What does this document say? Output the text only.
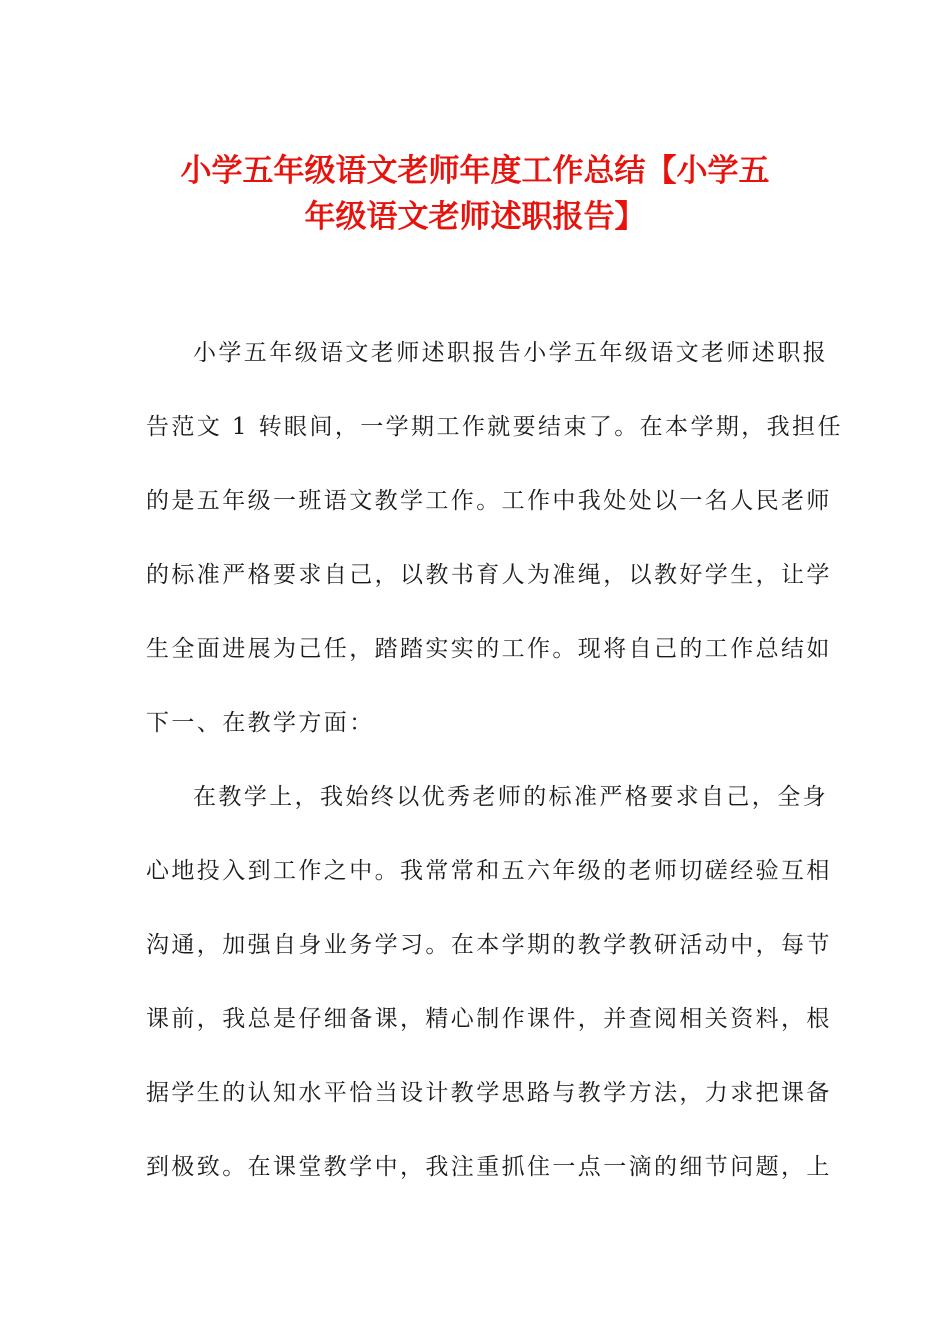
小学五年级语文老师年度工作总结【小学五
年级语文老师述职报告】
小学五年级语文老师述职报告小学五年级语文老师述职报
告范文 1 转眼间，一学期工作就要结束了。在本学期，我担任
的是五年级一班语文教学工作。工作中我处处以一名人民老师
的标准严格要求自己，以教书育人为准绳，以教好学生，让学
生全面进展为己任，踏踏实实的工作。现将自己的工作总结如
下一、在教学方面：
在教学上，我始终以优秀老师的标准严格要求自己，全身
心地投入到工作之中。我常常和五六年级的老师切磋经验互相
沟通，加强自身业务学习。在本学期的教学教研活动中，每节
课前，我总是仔细备课，精心制作课件，并查阅相关资料，根
据学生的认知水平恰当设计教学思路与教学方法，力求把课备
到极致。在课堂教学中，我注重抓住一点一滴的细节问题，上
